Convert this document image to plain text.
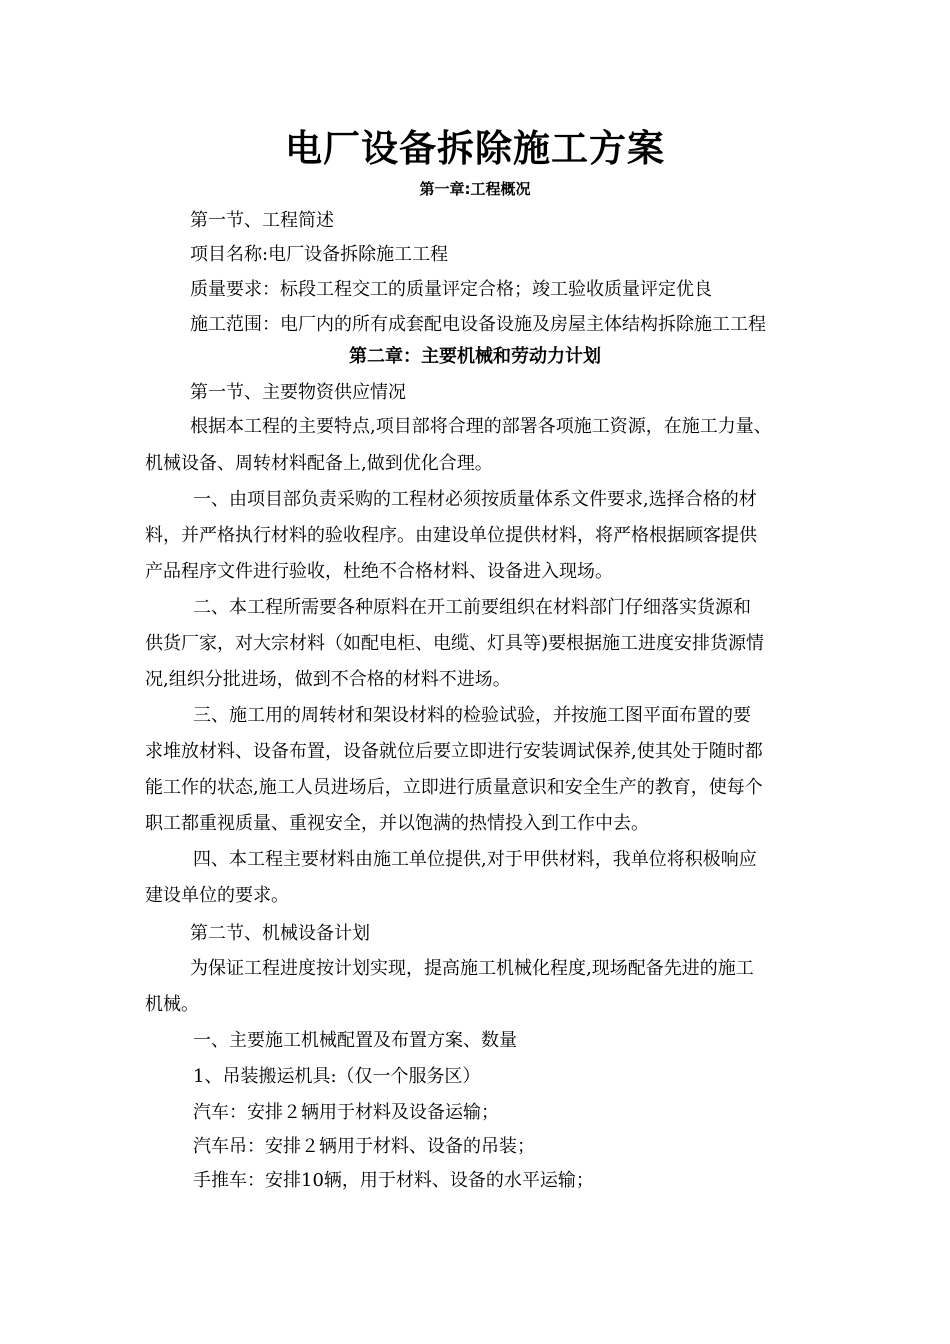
电厂设备拆除施工方案
第一章:工程概况
第一节、工程简述
项目名称:电厂设备拆除施工工程
质量要求：标段工程交工的质量评定合格；竣工验收质量评定优良
施工范围：电厂内的所有成套配电设备设施及房屋主体结构拆除施工工程
第二章：主要机械和劳动力计划
第一节、主要物资供应情况
根据本工程的主要特点,项目部将合理的部署各项施工资源，在施工力量、
机械设备、周转材料配备上,做到优化合理。
一、由项目部负责采购的工程材必须按质量体系文件要求,选择合格的材
料，并严格执行材料的验收程序。由建设单位提供材料，将严格根据顾客提供
产品程序文件进行验收，杜绝不合格材料、设备进入现场。
二、本工程所需要各种原料在开工前要组织在材料部门仔细落实货源和
供货厂家，对大宗材料（如配电柜、电缆、灯具等)要根据施工进度安排货源情
况,组织分批进场，做到不合格的材料不进场。
三、施工用的周转材和架设材料的检验试验，并按施工图平面布置的要
求堆放材料、设备布置，设备就位后要立即进行安装调试保养,使其处于随时都
能工作的状态,施工人员进场后，立即进行质量意识和安全生产的教育，使每个
职工都重视质量、重视安全，并以饱满的热情投入到工作中去。
四、本工程主要材料由施工单位提供,对于甲供材料，我单位将积极响应
建设单位的要求。
第二节、机械设备计划
为保证工程进度按计划实现，提高施工机械化程度,现场配备先进的施工
机械。
一、主要施工机械配置及布置方案、数量
1、吊装搬运机具:（仅一个服务区）
汽车：安排２辆用于材料及设备运输；
汽车吊：安排２辆用于材料、设备的吊装；
手推车：安排10辆，用于材料、设备的水平运输；
